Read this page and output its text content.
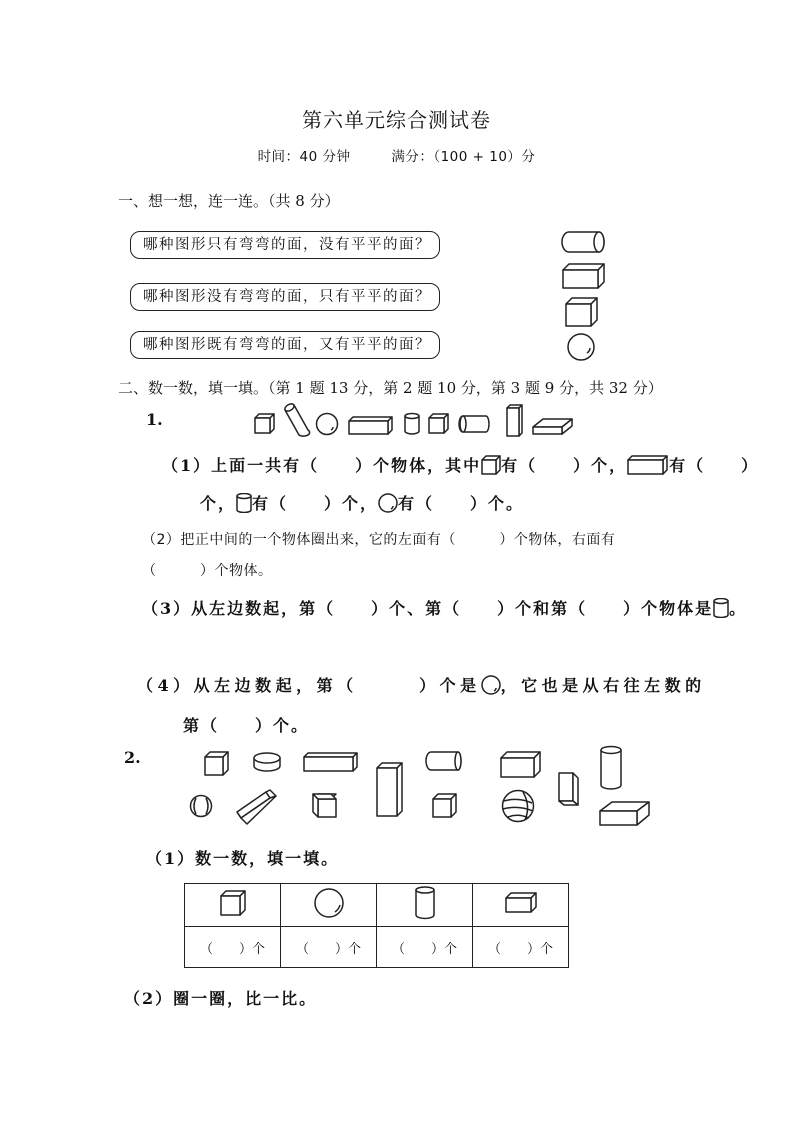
第六单元综合测试卷
时间：40 分钟	满分：（100 + 10）分
一、想一想，连一连。（共 8 分）
哪种图形只有弯弯的面，没有平平的面？
哪种图形没有弯弯的面，只有平平的面？
哪种图形既有弯弯的面，又有平平的面？
二、数一数，填一填。（第 1 题 13 分，第 2 题 10 分，第 3 题 9 分，共 32 分）
1.
（1）上面一共有（　　）个物体，其中 有（　　）个，	有（　　）
个， 有（　　）个， 有（　　）个。
（2）把正中间的一个物体圈出来，它的左面有（　　　）个物体，右面有
（　　　）个物体。
（3）从左边数起，第（　　）个、第（　　）个和第（　　）个物体是 。
（4）从左边数起，第（　　　）个是 ，它也是从右往左数的
第（　　）个。
2.
（1）数一数，填一填。

（　　）个	（　　）个	（　　）个	（　　）个
（2）圈一圈，比一比。
